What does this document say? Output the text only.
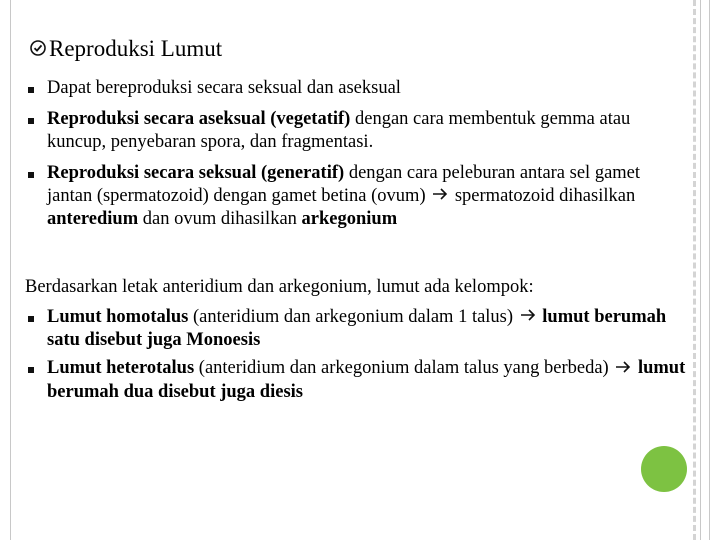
Reproduksi Lumut

Dapat bereproduksi secara seksual dan aseksual

Reproduksi secara aseksual (vegetatif) dengan cara membentuk gemma atau kuncup, penyebaran spora, dan fragmentasi.

Reproduksi secara seksual (generatif) dengan cara peleburan antara sel gamet jantan (spermatozoid) dengan gamet betina (ovum)  spermatozoid dihasilkan anteredium dan ovum dihasilkan arkegonium

Berdasarkan letak anteridium dan arkegonium, lumut ada kelompok:

Lumut homotalus (anteridium dan arkegonium dalam 1 talus)  lumut berumah satu disebut juga Monoesis

Lumut heterotalus (anteridium dan arkegonium dalam talus yang berbeda)  lumut berumah dua disebut juga diesis
